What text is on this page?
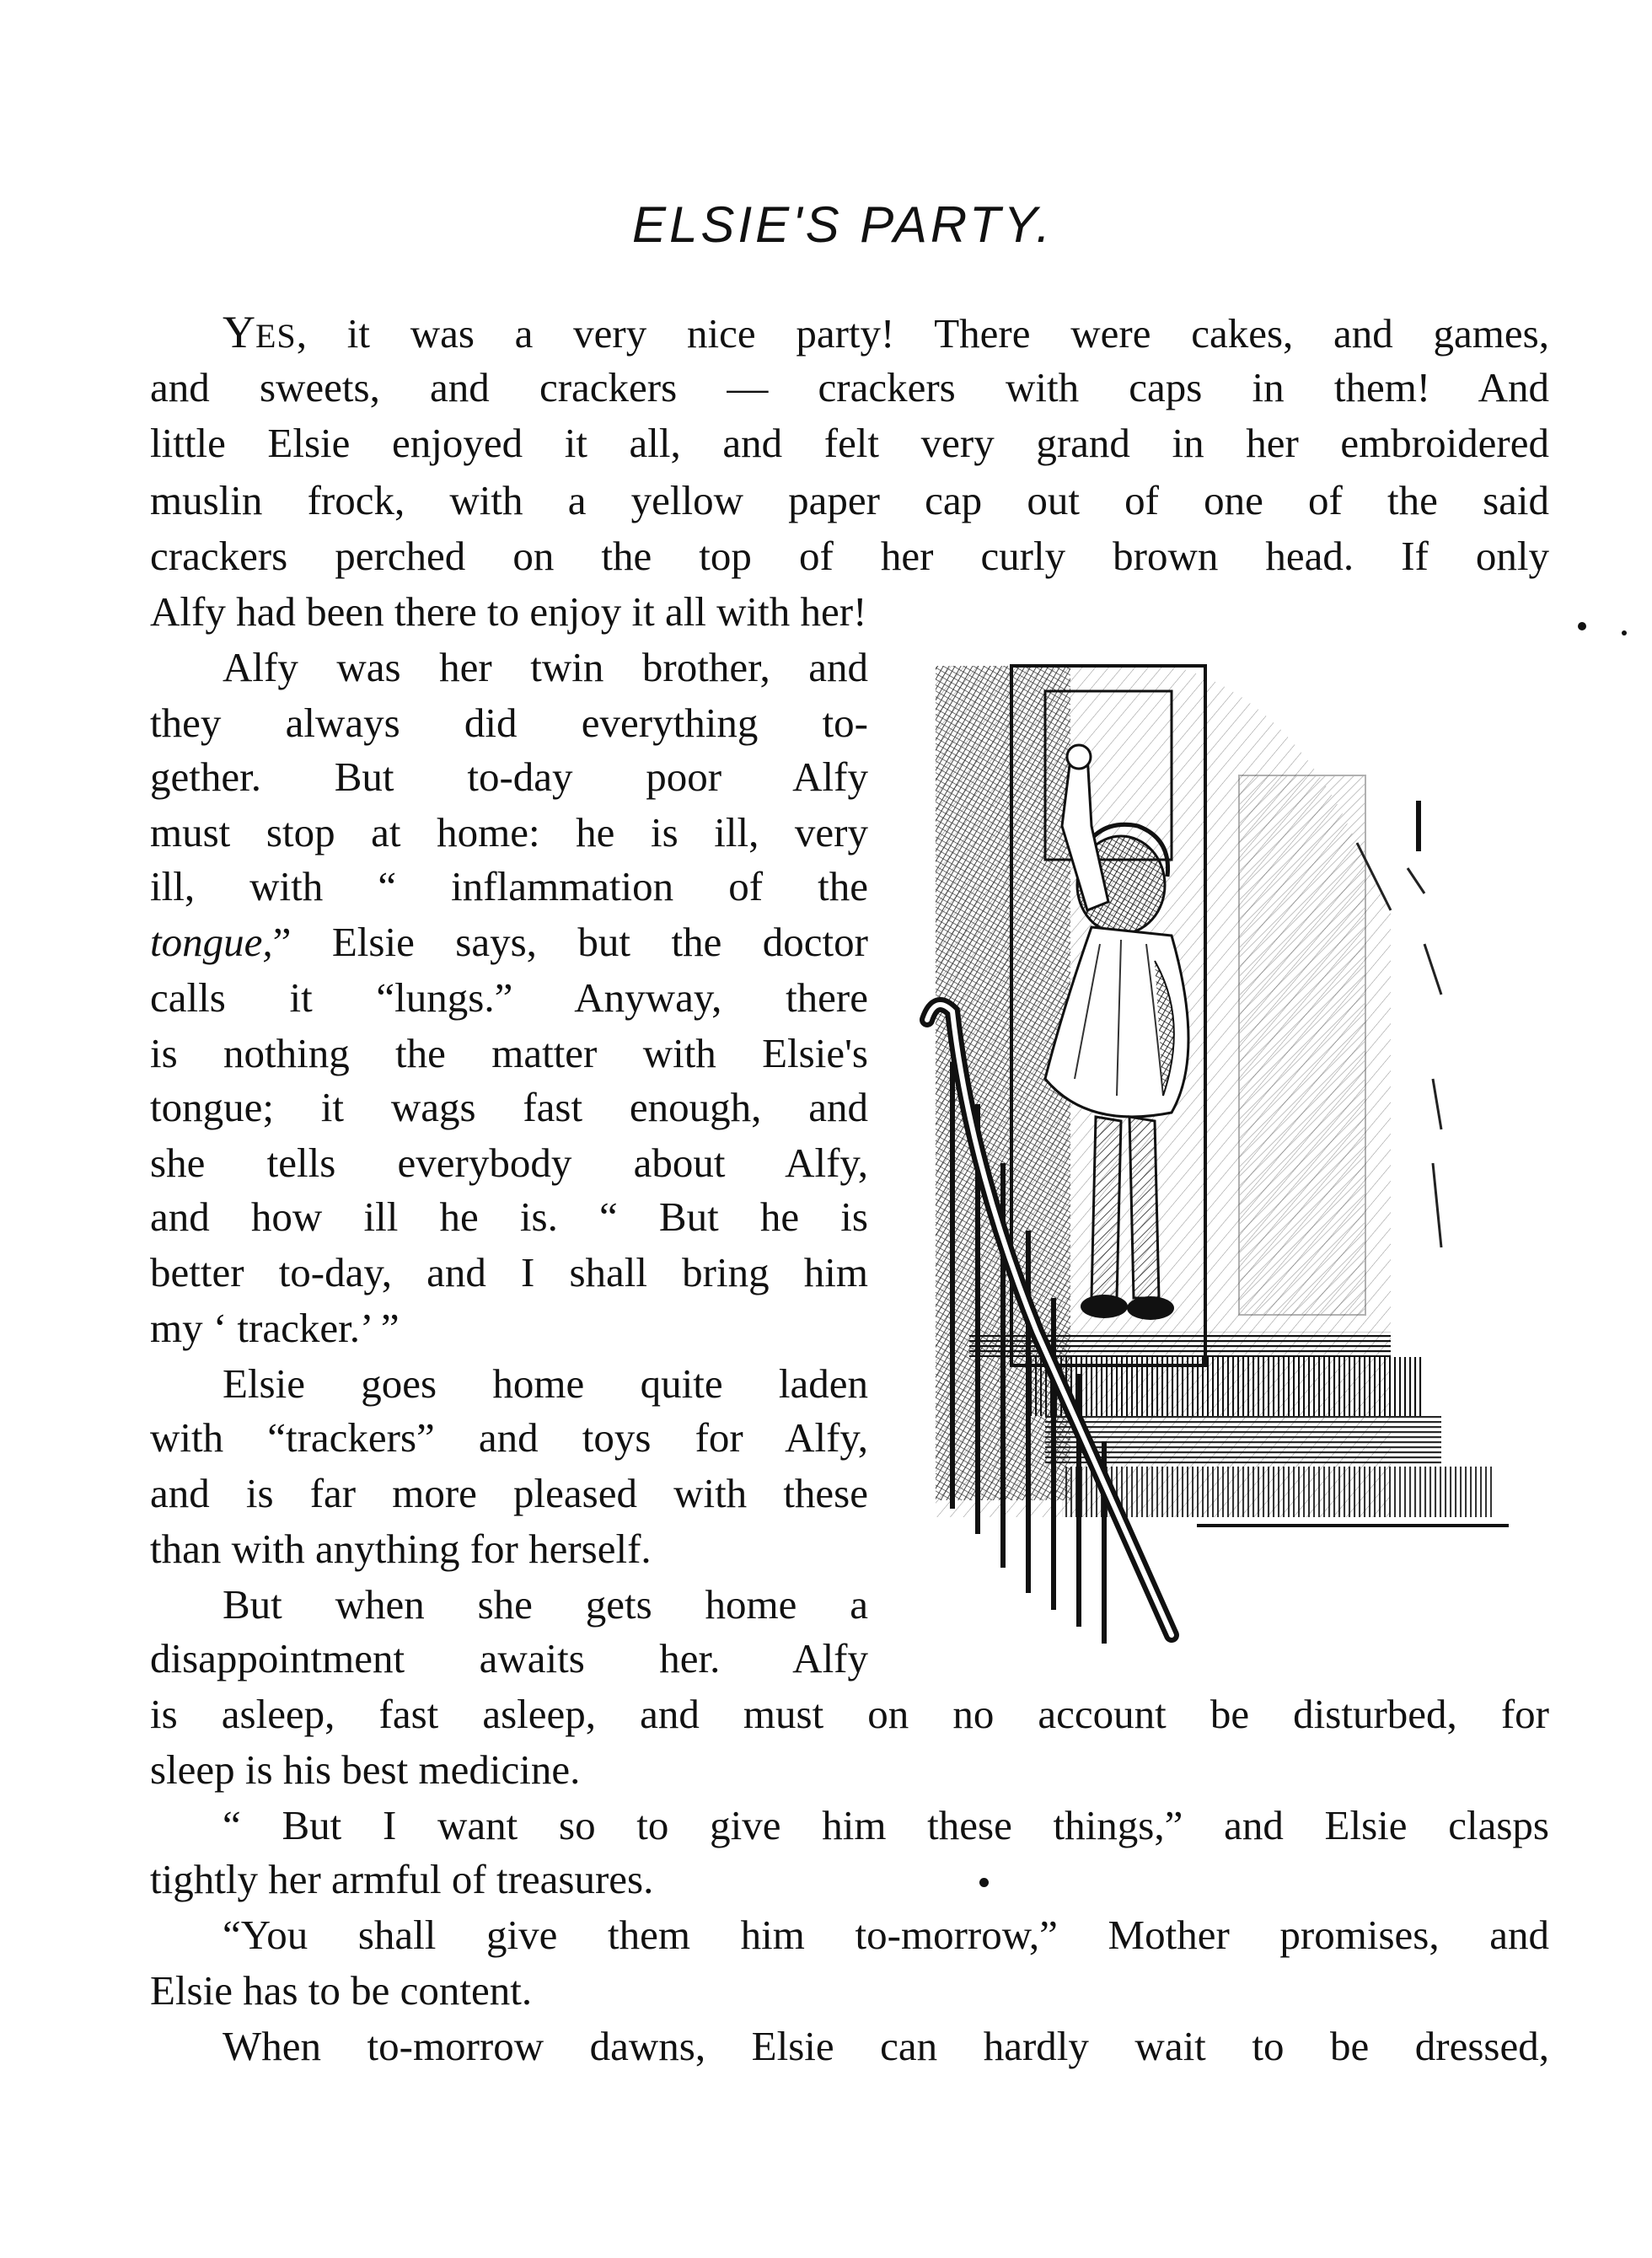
ELSIE'S PARTY.

YES, it was a very nice party! There were cakes, and games,

and sweets, and crackers — crackers with caps in them! And

little Elsie enjoyed it all, and felt very grand in her embroidered

muslin frock, with a yellow paper cap out of one of the said

crackers perched on the top of her curly brown head. If only

Alfy had been there to enjoy it all with her!

Alfy was her twin brother, and

they always did everything to-

gether. But to-day poor Alfy

must stop at home: he is ill, very

ill, with “ inflammation of the

tongue,” Elsie says, but the doctor

calls it “lungs.” Anyway, there

is nothing the matter with Elsie's

tongue; it wags fast enough, and

she tells everybody about Alfy,

and how ill he is. “ But he is

better to-day, and I shall bring him

my ‘ tracker.’ ”

Elsie goes home quite laden

with “trackers” and toys for Alfy,

and is far more pleased with these

than with anything for herself.

But when she gets home a

disappointment awaits her. Alfy

is asleep, fast asleep, and must on no account be disturbed, for

sleep is his best medicine.

“ But I want so to give him these things,” and Elsie clasps

tightly her armful of treasures.

“You shall give them him to-morrow,” Mother promises, and

Elsie has to be content.

When to-morrow dawns, Elsie can hardly wait to be dressed,
